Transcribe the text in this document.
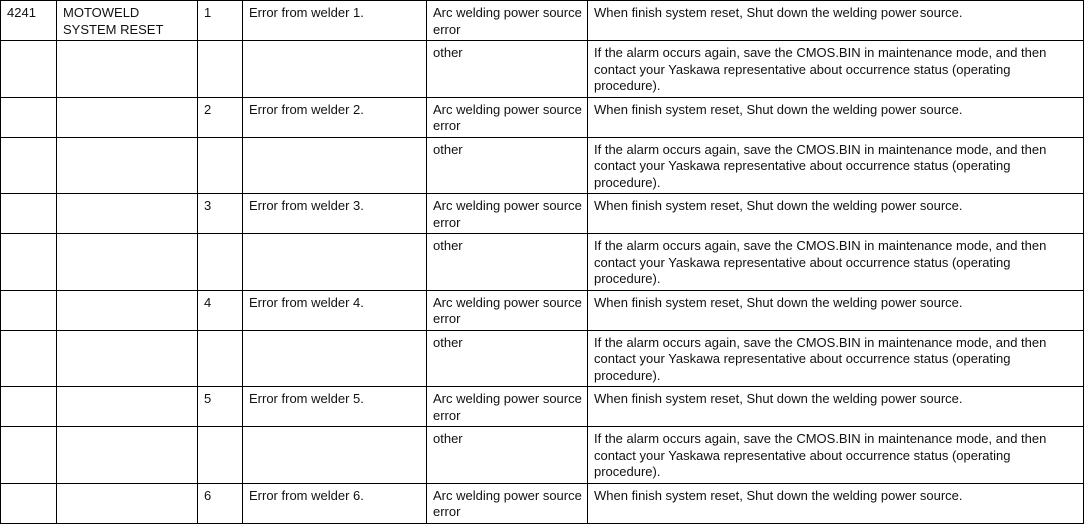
4241	MOTOWELD SYSTEM RESET	1	Error from welder 1.	Arc welding power source error	When finish system reset, Shut down the welding power source.
				other	If the alarm occurs again, save the CMOS.BIN in maintenance mode, and then contact your Yaskawa representative about occurrence status (operating procedure).
		2	Error from welder 2.	Arc welding power source error	When finish system reset, Shut down the welding power source.
				other	If the alarm occurs again, save the CMOS.BIN in maintenance mode, and then contact your Yaskawa representative about occurrence status (operating procedure).
		3	Error from welder 3.	Arc welding power source error	When finish system reset, Shut down the welding power source.
				other	If the alarm occurs again, save the CMOS.BIN in maintenance mode, and then contact your Yaskawa representative about occurrence status (operating procedure).
		4	Error from welder 4.	Arc welding power source error	When finish system reset, Shut down the welding power source.
				other	If the alarm occurs again, save the CMOS.BIN in maintenance mode, and then contact your Yaskawa representative about occurrence status (operating procedure).
		5	Error from welder 5.	Arc welding power source error	When finish system reset, Shut down the welding power source.
				other	If the alarm occurs again, save the CMOS.BIN in maintenance mode, and then contact your Yaskawa representative about occurrence status (operating procedure).
		6	Error from welder 6.	Arc welding power source error	When finish system reset, Shut down the welding power source.
